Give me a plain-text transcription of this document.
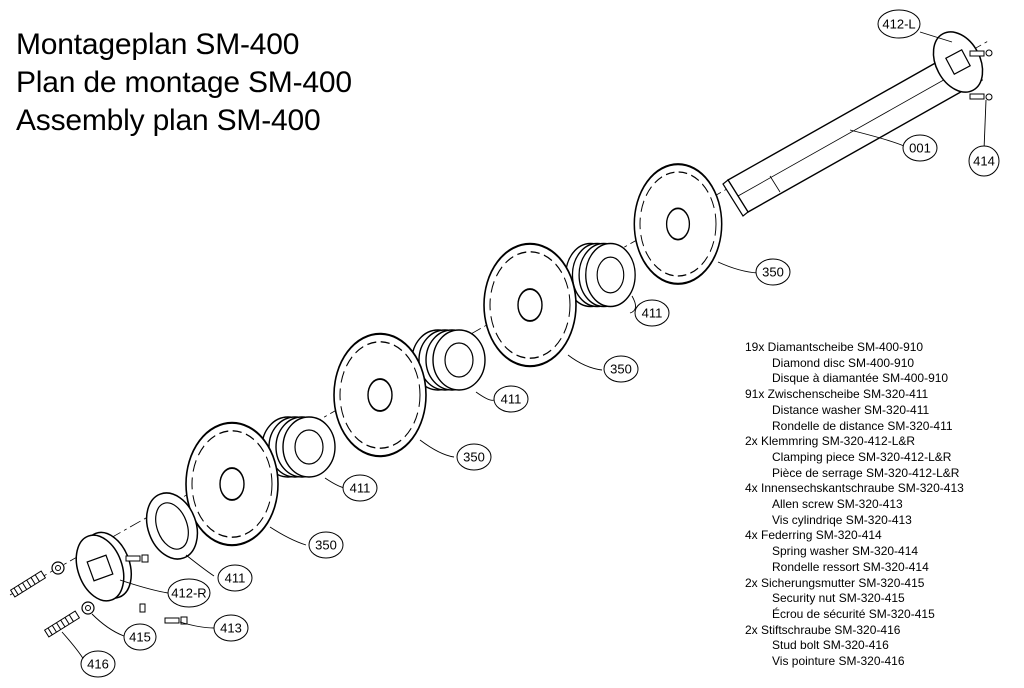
Montageplan SM-400
Plan de montage SM-400
Assembly plan SM-400
412-L
001
414
350
411
350
411
350
411
350
411
412-R
413
415
416
19x Diamantscheibe SM-400-910
Diamond disc SM-400-910
Disque à diamantée SM-400-910
91x Zwischenscheibe SM-320-411
Distance washer SM-320-411
Rondelle de distance SM-320-411
2x Klemmring SM-320-412-L&R
Clamping piece SM-320-412-L&R
Pièce de serrage SM-320-412-L&R
4x Innensechskantschraube SM-320-413
Allen screw SM-320-413
Vis cylindriqe SM-320-413
4x Federring SM-320-414
Spring washer SM-320-414
Rondelle ressort SM-320-414
2x Sicherungsmutter SM-320-415
Security nut SM-320-415
Écrou de sécurité SM-320-415
2x Stiftschraube SM-320-416
Stud bolt SM-320-416
Vis pointure SM-320-416
